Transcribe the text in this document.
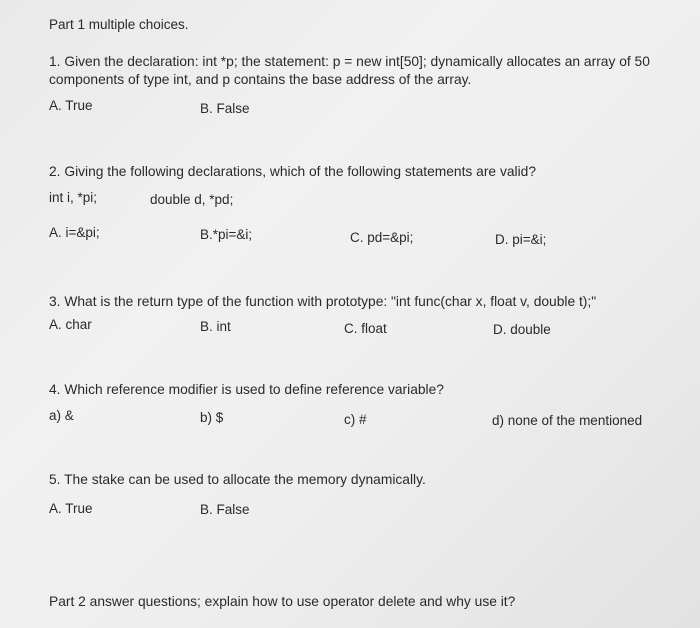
Part 1 multiple choices.
1. Given the declaration: int *p; the statement: p = new int[50]; dynamically allocates an array of 50
components of type int, and p contains the base address of the array.
A. True	B. False
2. Giving the following declarations, which of the following statements are valid?
int i, *pi;	double d, *pd;
A. i=&pi;	B.*pi=&i;	C. pd=&pi;	D. pi=&i;
3. What is the return type of the function with prototype: "int func(char x, float v, double t);"
A. char	B. int	C. float	D. double
4. Which reference modifier is used to define reference variable?
a) &	b) $	c) #	d) none of the mentioned
5. The stake can be used to allocate the memory dynamically.
A. True	B. False
Part 2 answer questions; explain how to use operator delete and why use it?
